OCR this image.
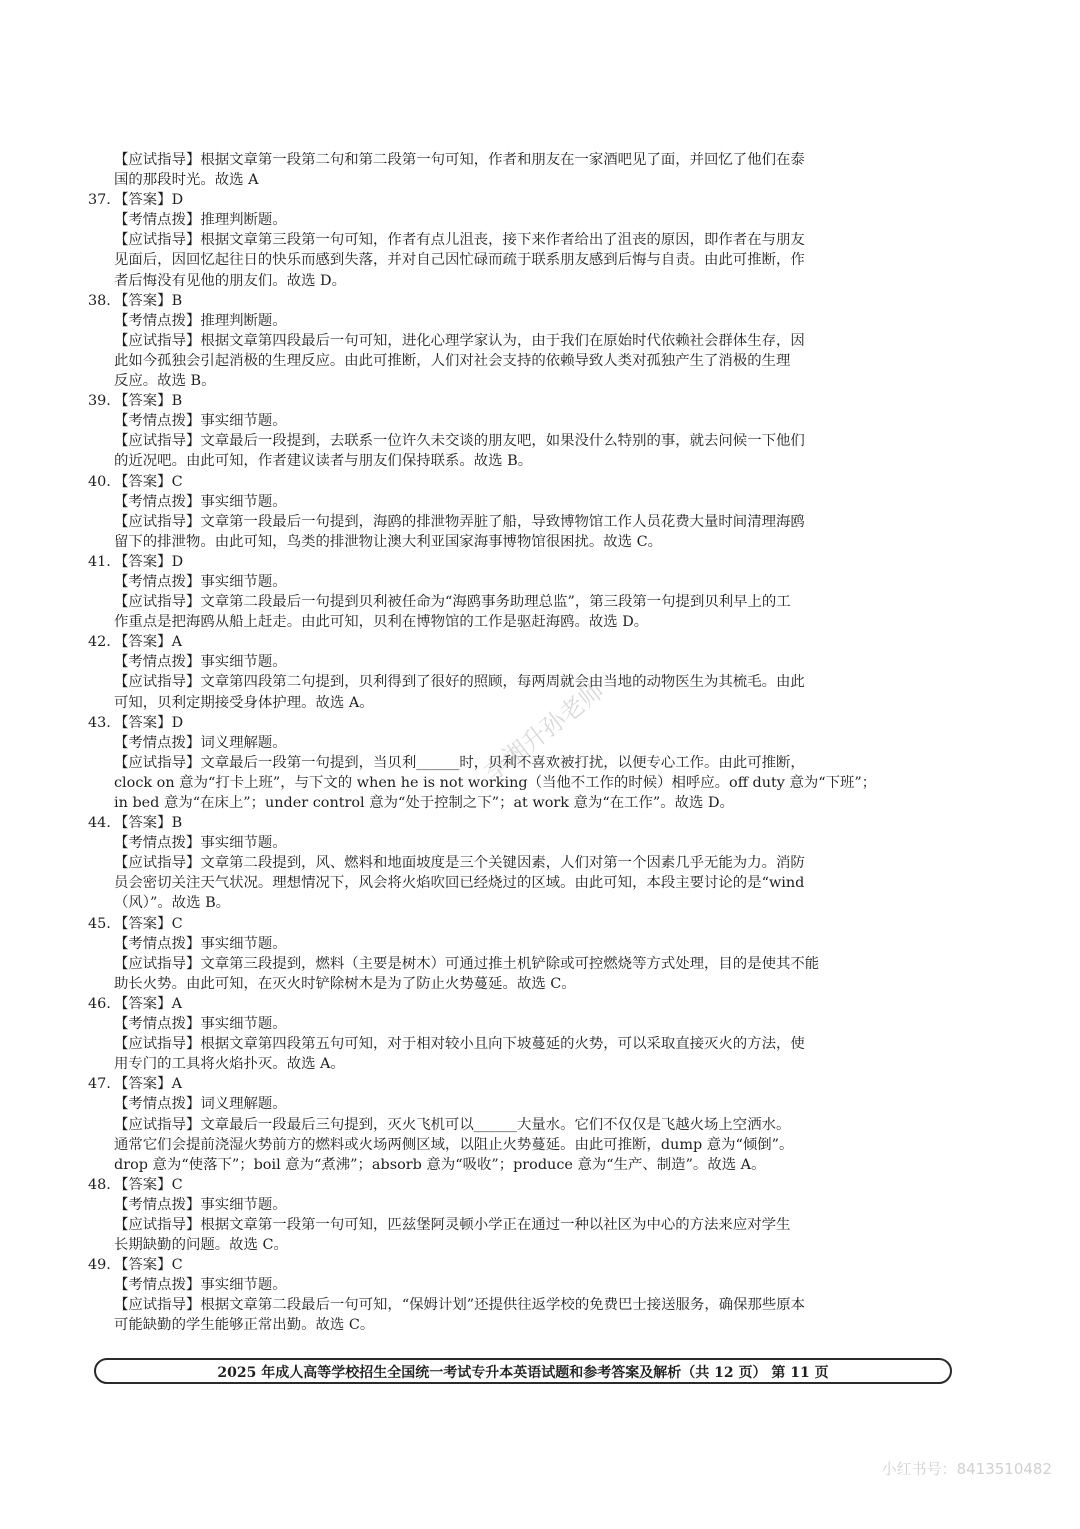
【应试指导】根据文章第一段第二句和第二段第一句可知，作者和朋友在一家酒吧见了面，并回忆了他们在泰
国的那段时光。故选 A
37. 【答案】D
【考情点拨】推理判断题。
【应试指导】根据文章第三段第一句可知，作者有点儿沮丧，接下来作者给出了沮丧的原因，即作者在与朋友
见面后，因回忆起往日的快乐而感到失落，并对自己因忙碌而疏于联系朋友感到后悔与自责。由此可推断，作
者后悔没有见他的朋友们。故选 D。
38. 【答案】B
【考情点拨】推理判断题。
【应试指导】根据文章第四段最后一句可知，进化心理学家认为，由于我们在原始时代依赖社会群体生存，因
此如今孤独会引起消极的生理反应。由此可推断，人们对社会支持的依赖导致人类对孤独产生了消极的生理
反应。故选 B。
39. 【答案】B
【考情点拨】事实细节题。
【应试指导】文章最后一段提到，去联系一位许久未交谈的朋友吧，如果没什么特别的事，就去问候一下他们
的近况吧。由此可知，作者建议读者与朋友们保持联系。故选 B。
40. 【答案】C
【考情点拨】事实细节题。
【应试指导】文章第一段最后一句提到，海鸥的排泄物弄脏了船，导致博物馆工作人员花费大量时间清理海鸥
留下的排泄物。由此可知，鸟类的排泄物让澳大利亚国家海事博物馆很困扰。故选 C。
41. 【答案】D
【考情点拨】事实细节题。
【应试指导】文章第二段最后一句提到贝利被任命为“海鸥事务助理总监”，第三段第一句提到贝利早上的工
作重点是把海鸥从船上赶走。由此可知，贝利在博物馆的工作是驱赶海鸥。故选 D。
42. 【答案】A
【考情点拨】事实细节题。
【应试指导】文章第四段第二句提到，贝利得到了很好的照顾，每两周就会由当地的动物医生为其梳毛。由此
可知，贝利定期接受身体护理。故选 A。
43. 【答案】D
【考情点拨】词义理解题。
【应试指导】文章最后一段第一句提到，当贝利______时，贝利不喜欢被打扰，以便专心工作。由此可推断，
clock on 意为“打卡上班”，与下文的 when he is not working（当他不工作的时候）相呼应。off duty 意为“下班”；
in bed 意为“在床上”；under control 意为“处于控制之下”；at work 意为“在工作”。故选 D。
44. 【答案】B
【考情点拨】事实细节题。
【应试指导】文章第二段提到，风、燃料和地面坡度是三个关键因素，人们对第一个因素几乎无能为力。消防
员会密切关注天气状况。理想情况下，风会将火焰吹回已经烧过的区域。由此可知，本段主要讨论的是“wind
（风）”。故选 B。
45. 【答案】C
【考情点拨】事实细节题。
【应试指导】文章第三段提到，燃料（主要是树木）可通过推土机铲除或可控燃烧等方式处理，目的是使其不能
助长火势。由此可知，在灭火时铲除树木是为了防止火势蔓延。故选 C。
46. 【答案】A
【考情点拨】事实细节题。
【应试指导】根据文章第四段第五句可知，对于相对较小且向下坡蔓延的火势，可以采取直接灭火的方法，使
用专门的工具将火焰扑灭。故选 A。
47. 【答案】A
【考情点拨】词义理解题。
【应试指导】文章最后一段最后三句提到，灭火飞机可以______大量水。它们不仅仅是飞越火场上空洒水。
通常它们会提前浇湿火势前方的燃料或火场两侧区域，以阻止火势蔓延。由此可推断，dump 意为“倾倒”。
drop 意为“使落下”；boil 意为“煮沸”；absorb 意为“吸收”；produce 意为“生产、制造”。故选 A。
48. 【答案】C
【考情点拨】事实细节题。
【应试指导】根据文章第一段第一句可知，匹兹堡阿灵顿小学正在通过一种以社区为中心的方法来应对学生
长期缺勤的问题。故选 C。
49. 【答案】C
【考情点拨】事实细节题。
【应试指导】根据文章第二段最后一句可知，“保姆计划”还提供往返学校的免费巴士接送服务，确保那些原本
可能缺勤的学生能够正常出勤。故选 C。
李湘升孙老师
2025 年成人高等学校招生全国统一考试专升本英语试题和参考答案及解析（共 12 页） 第 11 页
小红书号：8413510482
